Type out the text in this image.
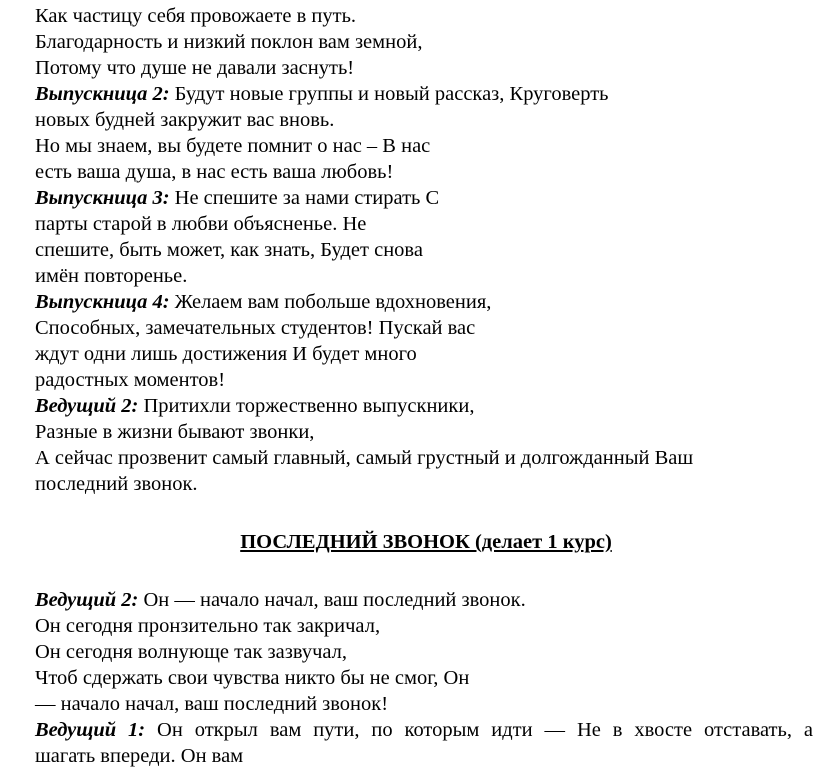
Как частицу себя провожаете в путь.
Благодарность и низкий поклон вам земной,
Потому что душе не давали заснуть!
Выпускница 2: Будут новые группы и новый рассказ, Круговерть
новых будней закружит вас вновь.
Но мы знаем, вы будете помнит о нас – В нас
есть ваша душа, в нас есть ваша любовь!
Выпускница 3: Не спешите за нами стирать С
парты старой в любви объясненье. Не
спешите, быть может, как знать, Будет снова
имён повторенье.
Выпускница 4: Желаем вам побольше вдохновения,
Способных, замечательных студентов! Пускай вас
ждут одни лишь достижения И будет много
радостных моментов!
Ведущий 2: Притихли торжественно выпускники,
Разные в жизни бывают звонки,
А сейчас прозвенит самый главный, самый грустный и долгожданный Ваш
последний звонок.
ПОСЛЕДНИЙ ЗВОНОК (делает 1 курс)
Ведущий 2: Он — начало начал, ваш последний звонок.
Он сегодня пронзительно так закричал,
Он сегодня волнующе так зазвучал,
Чтоб сдержать свои чувства никто бы не смог, Он
— начало начал, ваш последний звонок!
Ведущий 1: Он открыл вам пути, по которым идти — Не в хвосте отставать, а
шагать впереди. Он вам
